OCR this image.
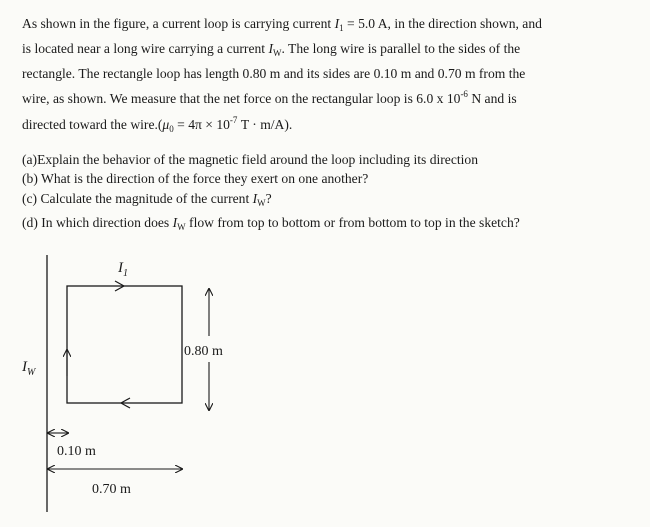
As shown in the figure, a current loop is carrying current $I_1 = 5.0$ A, in the direction shown, and

is located near a long wire carrying a current $I_W$. The long wire is parallel to the sides of the

rectangle. The rectangle loop has length 0.80 m and its sides are 0.10 m and 0.70 m from the

wire, as shown. We measure that the net force on the rectangular loop is 6.0 x $10^{-6}$ N and is

directed toward the $wire.(\mu_0 = 4\pi \times 10^{-7}$ T · m/A).

(a)Explain the behavior of the magnetic field around the loop including its direction

(b) What is the direction of the force they exert on one another?

(c) Calculate the magnitude of the current $I_W$?

(d) In which direction does $I_W$ flow from top to bottom or from bottom to top in the sketch?

$I_1$
0.80 m
$I_W$
0.10 m
0.70 m
